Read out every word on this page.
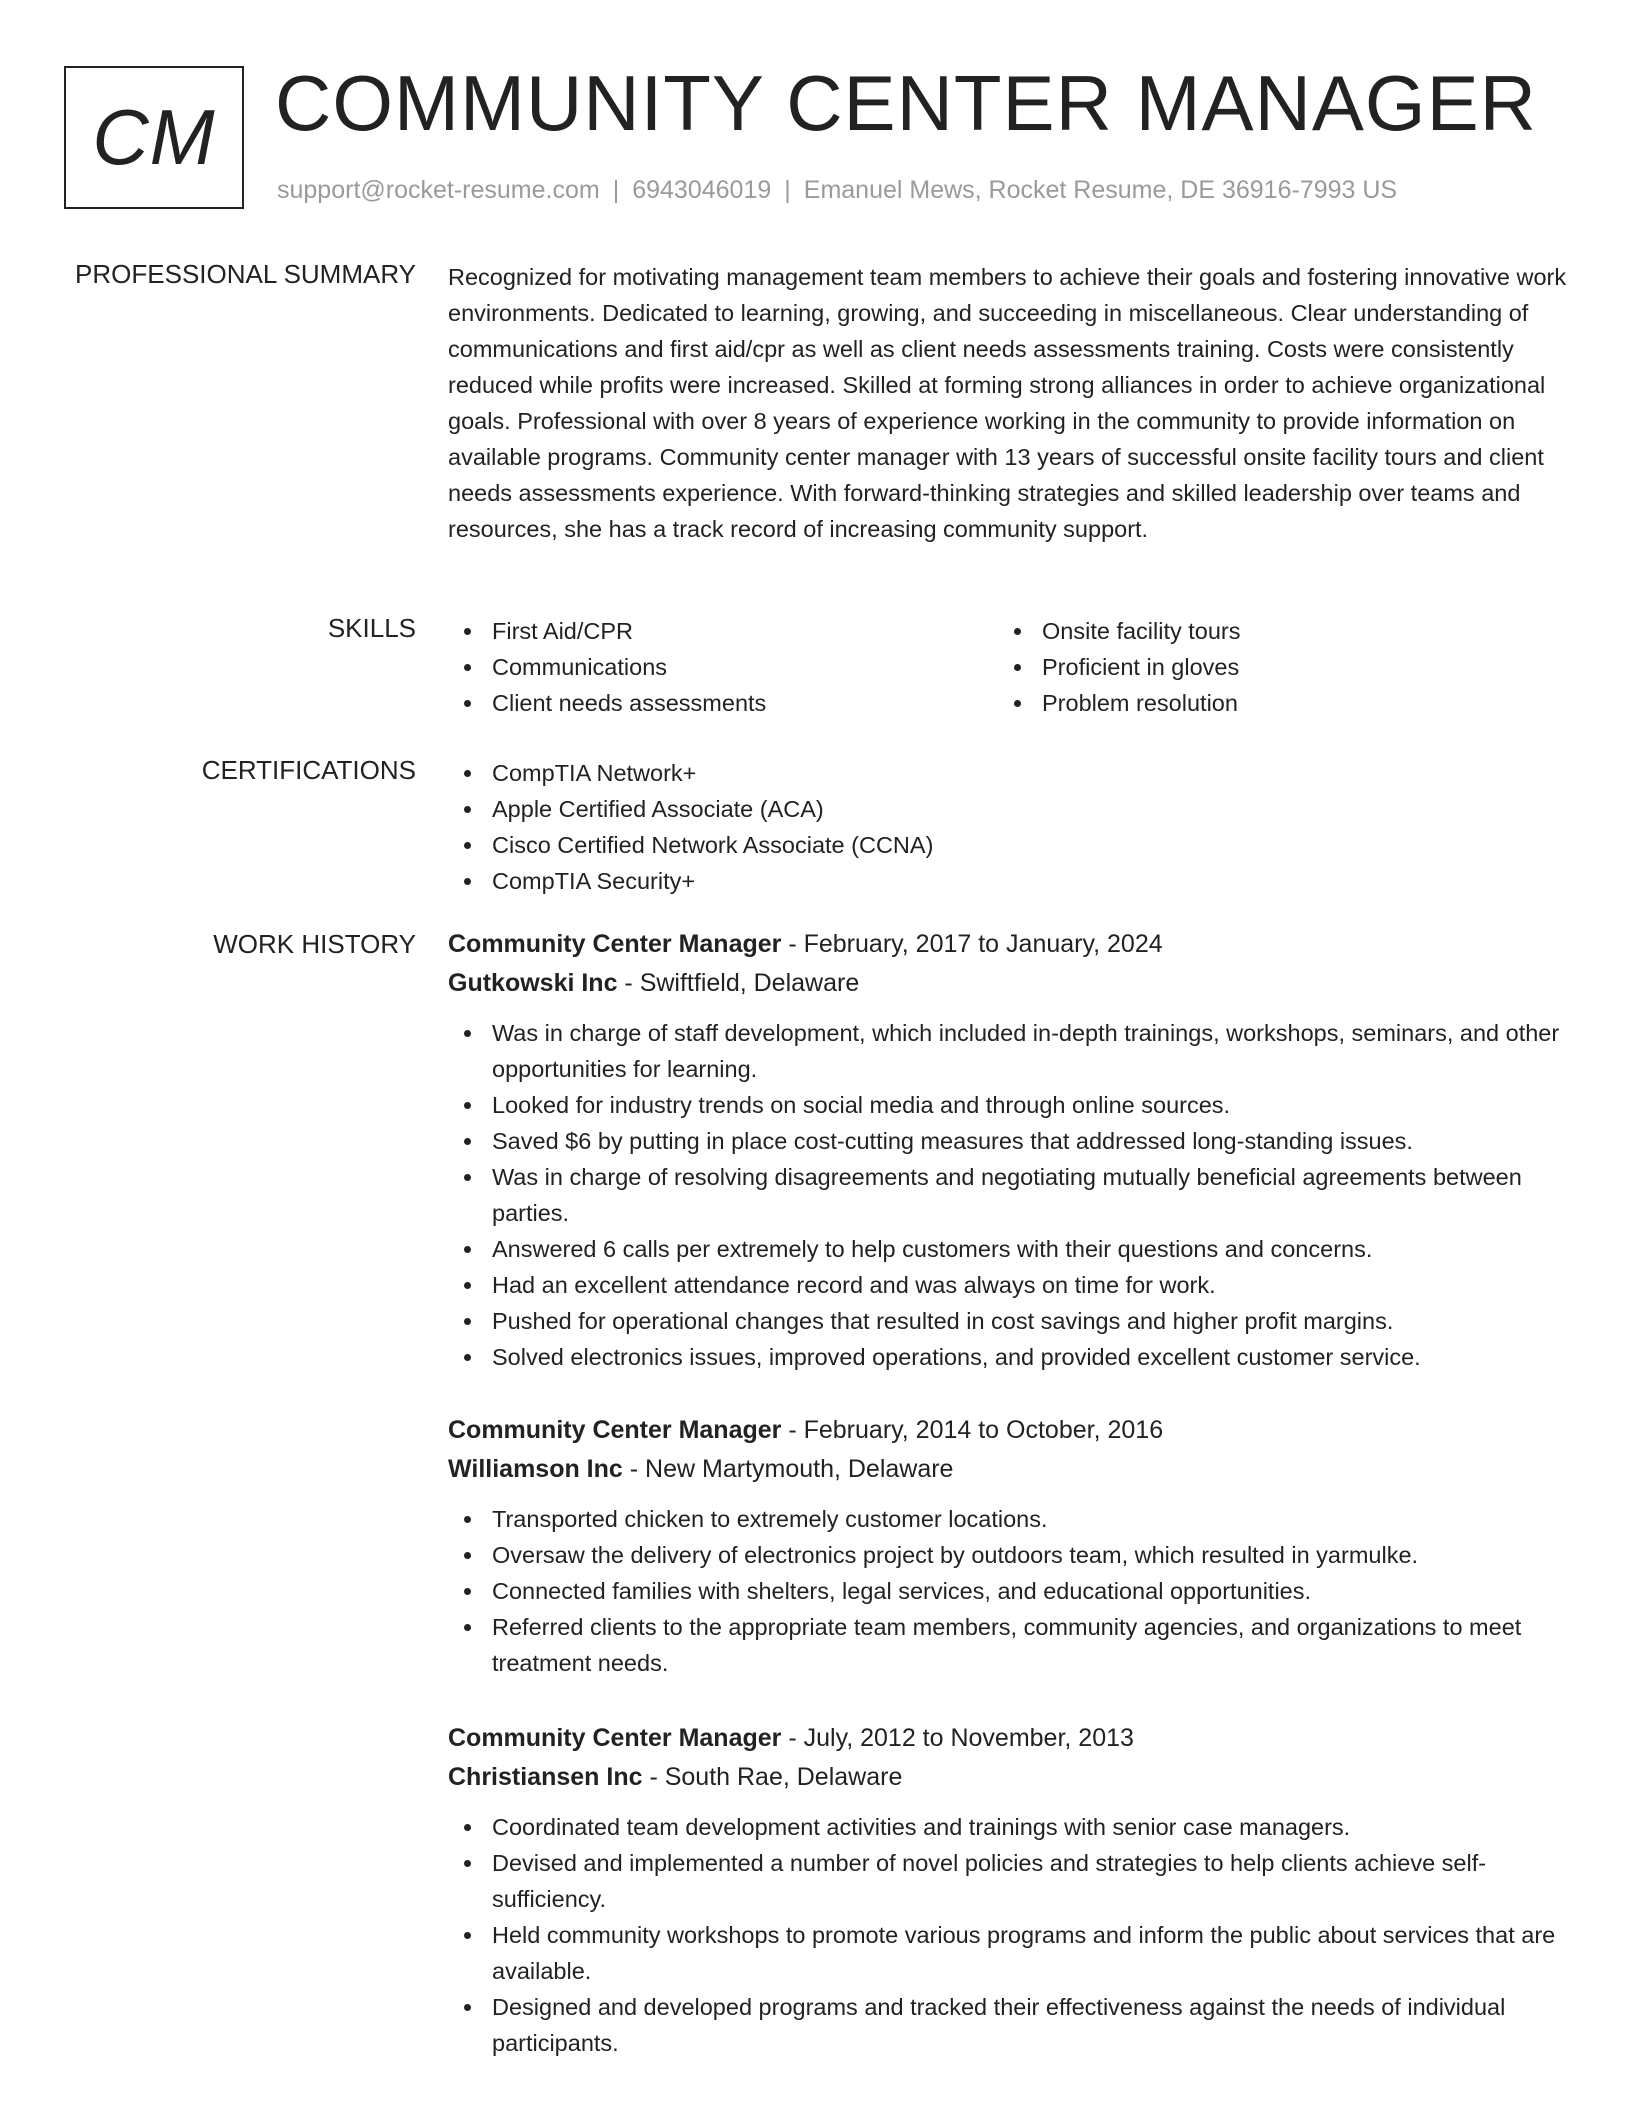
CM COMMUNITY CENTER MANAGER
support@rocket-resume.com | 6943046019 | Emanuel Mews, Rocket Resume, DE 36916-7993 US
PROFESSIONAL SUMMARY Recognized for motivating management team members to achieve their goals and fostering innovative work environments. Dedicated to learning, growing, and succeeding in miscellaneous. Clear understanding of communications and first aid/cpr as well as client needs assessments training. Costs were consistently reduced while profits were increased. Skilled at forming strong alliances in order to achieve organizational goals. Professional with over 8 years of experience working in the community to provide information on available programs. Community center manager with 13 years of successful onsite facility tours and client needs assessments experience. With forward-thinking strategies and skilled leadership over teams and resources, she has a track record of increasing community support.

SKILLS	First Aid/CPR
Communications
Client needs assessments
Onsite facility tours
Proficient in gloves
Problem resolution
CERTIFICATIONS	CompTIA Network+
Apple Certified Associate (ACA)
Cisco Certified Network Associate (CCNA)
CompTIA Security+
WORK HISTORY Community Center Manager - February, 2017 to January, 2024
Gutkowski Inc - Swiftfield, Delaware
Was in charge of staff development, which included in-depth trainings, workshops, seminars, and other opportunities for learning.
Looked for industry trends on social media and through online sources.
Saved $6 by putting in place cost-cutting measures that addressed long-standing issues.
Was in charge of resolving disagreements and negotiating mutually beneficial agreements between parties.
Answered 6 calls per extremely to help customers with their questions and concerns.
Had an excellent attendance record and was always on time for work.
Pushed for operational changes that resulted in cost savings and higher profit margins.
Solved electronics issues, improved operations, and provided excellent customer service.
Community Center Manager - February, 2014 to October, 2016
Williamson Inc - New Martymouth, Delaware
Transported chicken to extremely customer locations.
Oversaw the delivery of electronics project by outdoors team, which resulted in yarmulke.
Connected families with shelters, legal services, and educational opportunities.
Referred clients to the appropriate team members, community agencies, and organizations to meet treatment needs.
Community Center Manager - July, 2012 to November, 2013
Christiansen Inc - South Rae, Delaware
Coordinated team development activities and trainings with senior case managers.
Devised and implemented a number of novel policies and strategies to help clients achieve self-sufficiency.
Held community workshops to promote various programs and inform the public about services that are available.
Designed and developed programs and tracked their effectiveness against the needs of individual participants.
